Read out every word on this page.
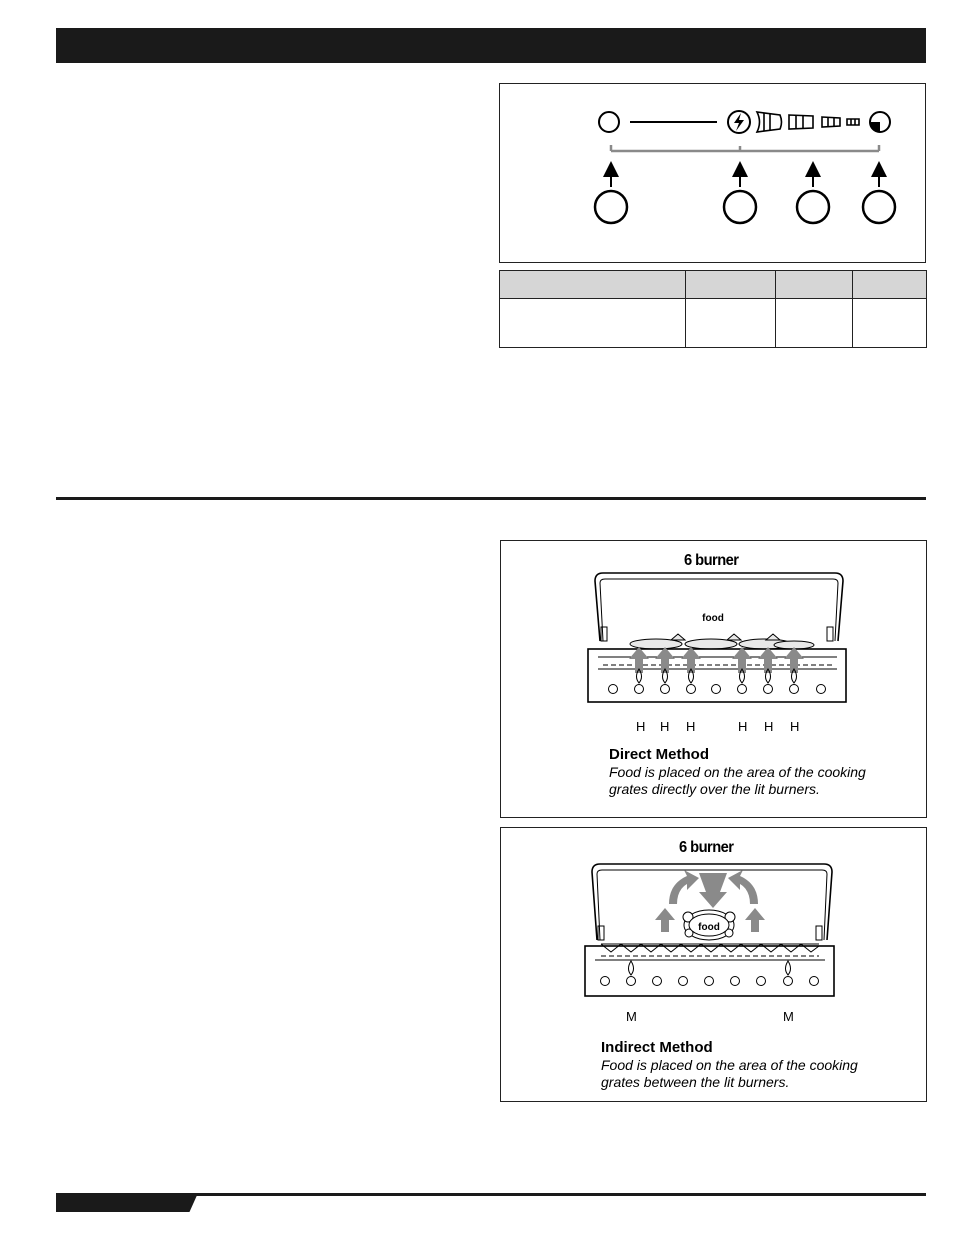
6 burner
food
H H H	H H H
Direct Method
Food is placed on the area of the cooking
grates directly over the lit burners.
6 burner
food
M	M
Indirect Method
Food is placed on the area of the cooking
grates between the lit burners.
